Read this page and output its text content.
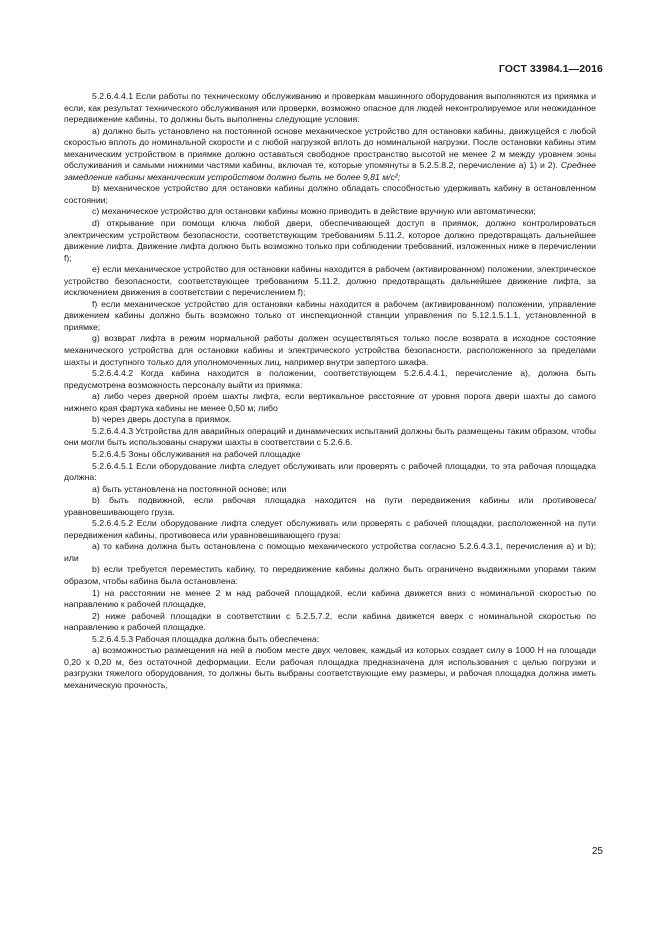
ГОСТ 33984.1—2016

5.2.6.4.4.1 Если работы по техническому обслуживанию и проверкам машинного оборудования выполняются из приямка и если, как результат технического обслуживания или проверки, возможно опасное для людей неконтролируемое или неожиданное передвижение кабины, то должны быть выполнены следующие условия:

a) должно быть установлено на постоянной основе механическое устройство для остановки кабины, движущейся с любой скоростью вплоть до номинальной скорости и с любой нагрузкой вплоть до номинальной нагрузки. После остановки кабины этим механическим устройством в приямке должно оставаться свободное пространство высотой не менее 2 м между уровнем зоны обслуживания и самыми нижними частями кабины, включая те, которые упомянуты в 5.2.5.8.2, перечисление а) 1) и 2). Среднее замедление кабины механическим устройством должно быть не более 9,81 м/с²;

b) механическое устройство для остановки кабины должно обладать способностью удерживать кабину в остановленном состоянии;

c) механическое устройство для остановки кабины можно приводить в действие вручную или автоматически;

d) открывание при помощи ключа любой двери, обеспечивающей доступ в приямок, должно контролироваться электрическим устройством безопасности, соответствующим требованиям 5.11.2, которое должно предотвращать дальнейшее движение лифта. Движение лифта должно быть возможно только при соблюдении требований, изложенных ниже в перечислении f);

e) если механическое устройство для остановки кабины находится в рабочем (активированном) положении, электрическое устройство безопасности, соответствующее требованиям 5.11.2, должно предотвращать дальнейшее движение лифта, за исключением движения в соответствии с перечислением f);

f) если механическое устройство для остановки кабины находится в рабочем (активированном) положении, управление движением кабины должно быть возможно только от инспекционной станции управления по 5.12.1.5.1.1, установленной в приямке;

g) возврат лифта в режим нормальной работы должен осуществляться только после возврата в исходное состояние механического устройства для остановки кабины и электрического устройства безопасности, расположенного за пределами шахты и доступного только для уполномоченных лиц, например внутри запертого шкафа.

5.2.6.4.4.2 Когда кабина находится в положении, соответствующем 5.2.6.4.4.1, перечисление а), должна быть предусмотрена возможность персоналу выйти из приямка:

a) либо через дверной проем шахты лифта, если вертикальное расстояние от уровня порога двери шахты до самого нижнего края фартука кабины не менее 0,50 м; либо

b) через дверь доступа в приямок.

5.2.6.4.4.3 Устройства для аварийных операций и динамических испытаний должны быть размещены таким образом, чтобы они могли быть использованы снаружи шахты в соответствии с 5.2.6.6.

5.2.6.4.5 Зоны обслуживания на рабочей площадке

5.2.6.4.5.1 Если оборудование лифта следует обслуживать или проверять с рабочей площадки, то эта рабочая площадка должна:

a) быть установлена на постоянной основе; или

b) быть подвижной, если рабочая площадка находится на пути передвижения кабины или противовеса/уравновешивающего груза.

5.2.6.4.5.2 Если оборудование лифта следует обслуживать или проверять с рабочей площадки, расположенной на пути передвижения кабины, противовеса или уравновешивающего груза:

a) то кабина должна быть остановлена с помощью механического устройства согласно 5.2.6.4.3.1, перечисления а) и b); или

b) если требуется переместить кабину, то передвижение кабины должно быть ограничено выдвижными упорами таким образом, чтобы кабина была остановлена:

1) на расстоянии не менее 2 м над рабочей площадкой, если кабина движется вниз с номинальной скоростью по направлению к рабочей площадке,

2) ниже рабочей площадки в соответствии с 5.2.5.7.2, если кабина движется вверх с номинальной скоростью по направлению к рабочей площадке.

5.2.6.4.5.3 Рабочая площадка должна быть обеспечена:

a) возможностью размещения на ней в любом месте двух человек, каждый из которых создает силу в 1000 Н на площади 0,20 x 0,20 м, без остаточной деформации. Если рабочая площадка предназначена для использования с целью погрузки и разгрузки тяжелого оборудования, то должны быть выбраны соответствующие ему размеры, и рабочая площадка должна иметь механическую прочность,

25
